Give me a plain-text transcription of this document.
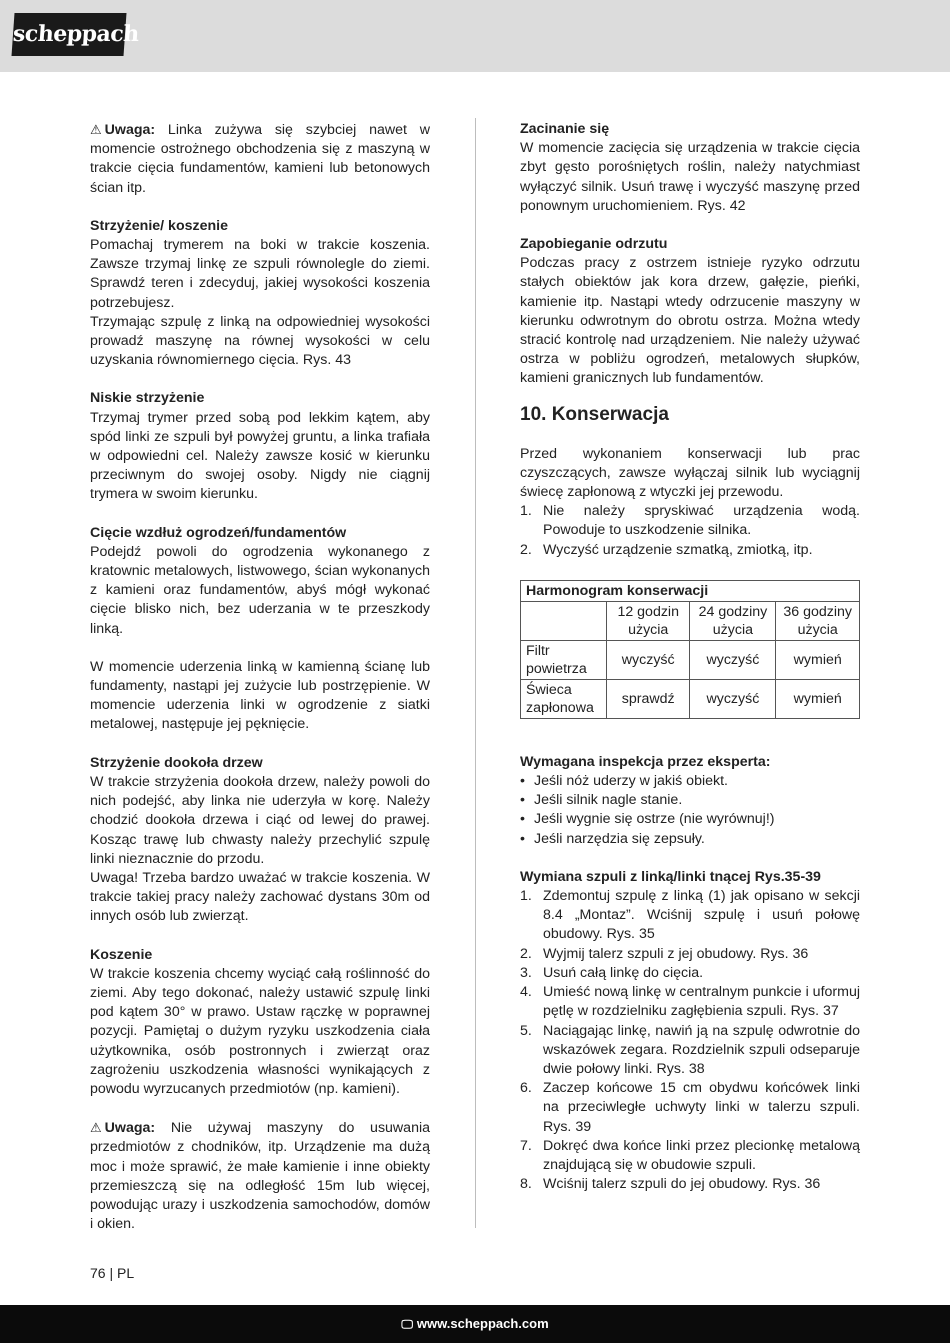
scheppach

⚠ Uwaga: Linka zużywa się szybciej nawet w momencie ostrożnego obchodzenia się z maszyną w trakcie cięcia fundamentów, kamieni lub betonowych ścian itp.

Strzyżenie/ koszenie

Pomachaj trymerem na boki w trakcie koszenia. Zawsze trzymaj linkę ze szpuli równolegle do ziemi. Sprawdź teren i zdecyduj, jakiej wysokości koszenia potrzebujesz.

Trzymając szpulę z linką na odpowiedniej wysokości prowadź maszynę na równej wysokości w celu uzyskania równomiernego cięcia. Rys. 43

Niskie strzyżenie

Trzymaj trymer przed sobą pod lekkim kątem, aby spód linki ze szpuli był powyżej gruntu, a linka trafiała w odpowiedni cel. Należy zawsze kosić w kierunku przeciwnym do swojej osoby. Nigdy nie ciągnij trymera w swoim kierunku.

Cięcie wzdłuż ogrodzeń/fundamentów

Podejdź powoli do ogrodzenia wykonanego z kratownic metalowych, listwowego, ścian wykonanych z kamieni oraz fundamentów, abyś mógł wykonać cięcie blisko nich, bez uderzania w te przeszkody linką.

W momencie uderzenia linką w kamienną ścianę lub fundamenty, nastąpi jej zużycie lub postrzępienie. W momencie uderzenia linki w ogrodzenie z siatki metalowej, następuje jej pęknięcie.

Strzyżenie dookoła drzew

W trakcie strzyżenia dookoła drzew, należy powoli do nich podejść, aby linka nie uderzyła w korę. Należy chodzić dookoła drzewa i ciąć od lewej do prawej. Kosząc trawę lub chwasty należy przechylić szpulę linki nieznacznie do przodu.

Uwaga! Trzeba bardzo uważać w trakcie koszenia. W trakcie takiej pracy należy zachować dystans 30m od innych osób lub zwierząt.

Koszenie

W trakcie koszenia chcemy wyciąć całą roślinność do ziemi. Aby tego dokonać, należy ustawić szpulę linki pod kątem 30° w prawo. Ustaw rączkę w poprawnej pozycji. Pamiętaj o dużym ryzyku uszkodzenia ciała użytkownika, osób postronnych i zwierząt oraz zagrożeniu uszkodzenia własności wynikających z powodu wyrzucanych przedmiotów (np. kamieni).

⚠ Uwaga: Nie używaj maszyny do usuwania przedmiotów z chodników, itp. Urządzenie ma dużą moc i może sprawić, że małe kamienie i inne obiekty przemieszczą się na odległość 15m lub więcej, powodując urazy i uszkodzenia samochodów, domów i okien.

Zacinanie się

W momencie zacięcia się urządzenia w trakcie cięcia zbyt gęsto porośniętych roślin, należy natychmiast wyłączyć silnik. Usuń trawę i wyczyść maszynę przed ponownym uruchomieniem. Rys. 42

Zapobieganie odrzutu

Podczas pracy z ostrzem istnieje ryzyko odrzutu stałych obiektów jak kora drzew, gałęzie, pieńki, kamienie itp. Nastąpi wtedy odrzucenie maszyny w kierunku odwrotnym do obrotu ostrza. Można wtedy stracić kontrolę nad urządzeniem. Nie należy używać ostrza w pobliżu ogrodzeń, metalowych słupków, kamieni granicznych lub fundamentów.

10. Konserwacja

Przed wykonaniem konserwacji lub prac czyszczących, zawsze wyłączaj silnik lub wyciągnij świecę zapłonową z wtyczki jej przewodu.

1. Nie należy spryskiwać urządzenia wodą. Powoduje to uszkodzenie silnika.
2. Wyczyść urządzenie szmatką, zmiotką, itp.
Harmonogram konserwacji			
	12 godzin użycia	24 godziny użycia	36 godziny użycia
Filtr powietrza	wyczyść	wyczyść	wymień
Świeca zapłonowa	sprawdź	wyczyść	wymień

Wymagana inspekcja przez eksperta:

• Jeśli nóż uderzy w jakiś obiekt.
• Jeśli silnik nagle stanie.
• Jeśli wygnie się ostrze (nie wyrównuj!)
• Jeśli narzędzia się zepsuły.

Wymiana szpuli z linką/linki tnącej Rys.35-39

1. Zdemontuj szpulę z linką (1) jak opisano w sekcji 8.4 „Montaz”. Wciśnij szpulę i usuń połowę obudowy. Rys. 35
2. Wyjmij talerz szpuli z jej obudowy. Rys. 36
3. Usuń całą linkę do cięcia.
4. Umieść nową linkę w centralnym punkcie i uformuj pętlę w rozdzielniku zagłębienia szpuli. Rys. 37
5. Naciągając linkę, nawiń ją na szpulę odwrotnie do wskazówek zegara. Rozdzielnik szpuli odseparuje dwie połowy linki. Rys. 38
6. Zaczep końcowe 15 cm obydwu końcówek linki na przeciwległe uchwyty linki w talerzu szpuli. Rys. 39
7. Dokręć dwa końce linki przez plecionkę metalową znajdującą się w obudowie szpuli.
8. Wciśnij talerz szpuli do jej obudowy. Rys. 36
76 | PL
🖵 www.scheppach.com
